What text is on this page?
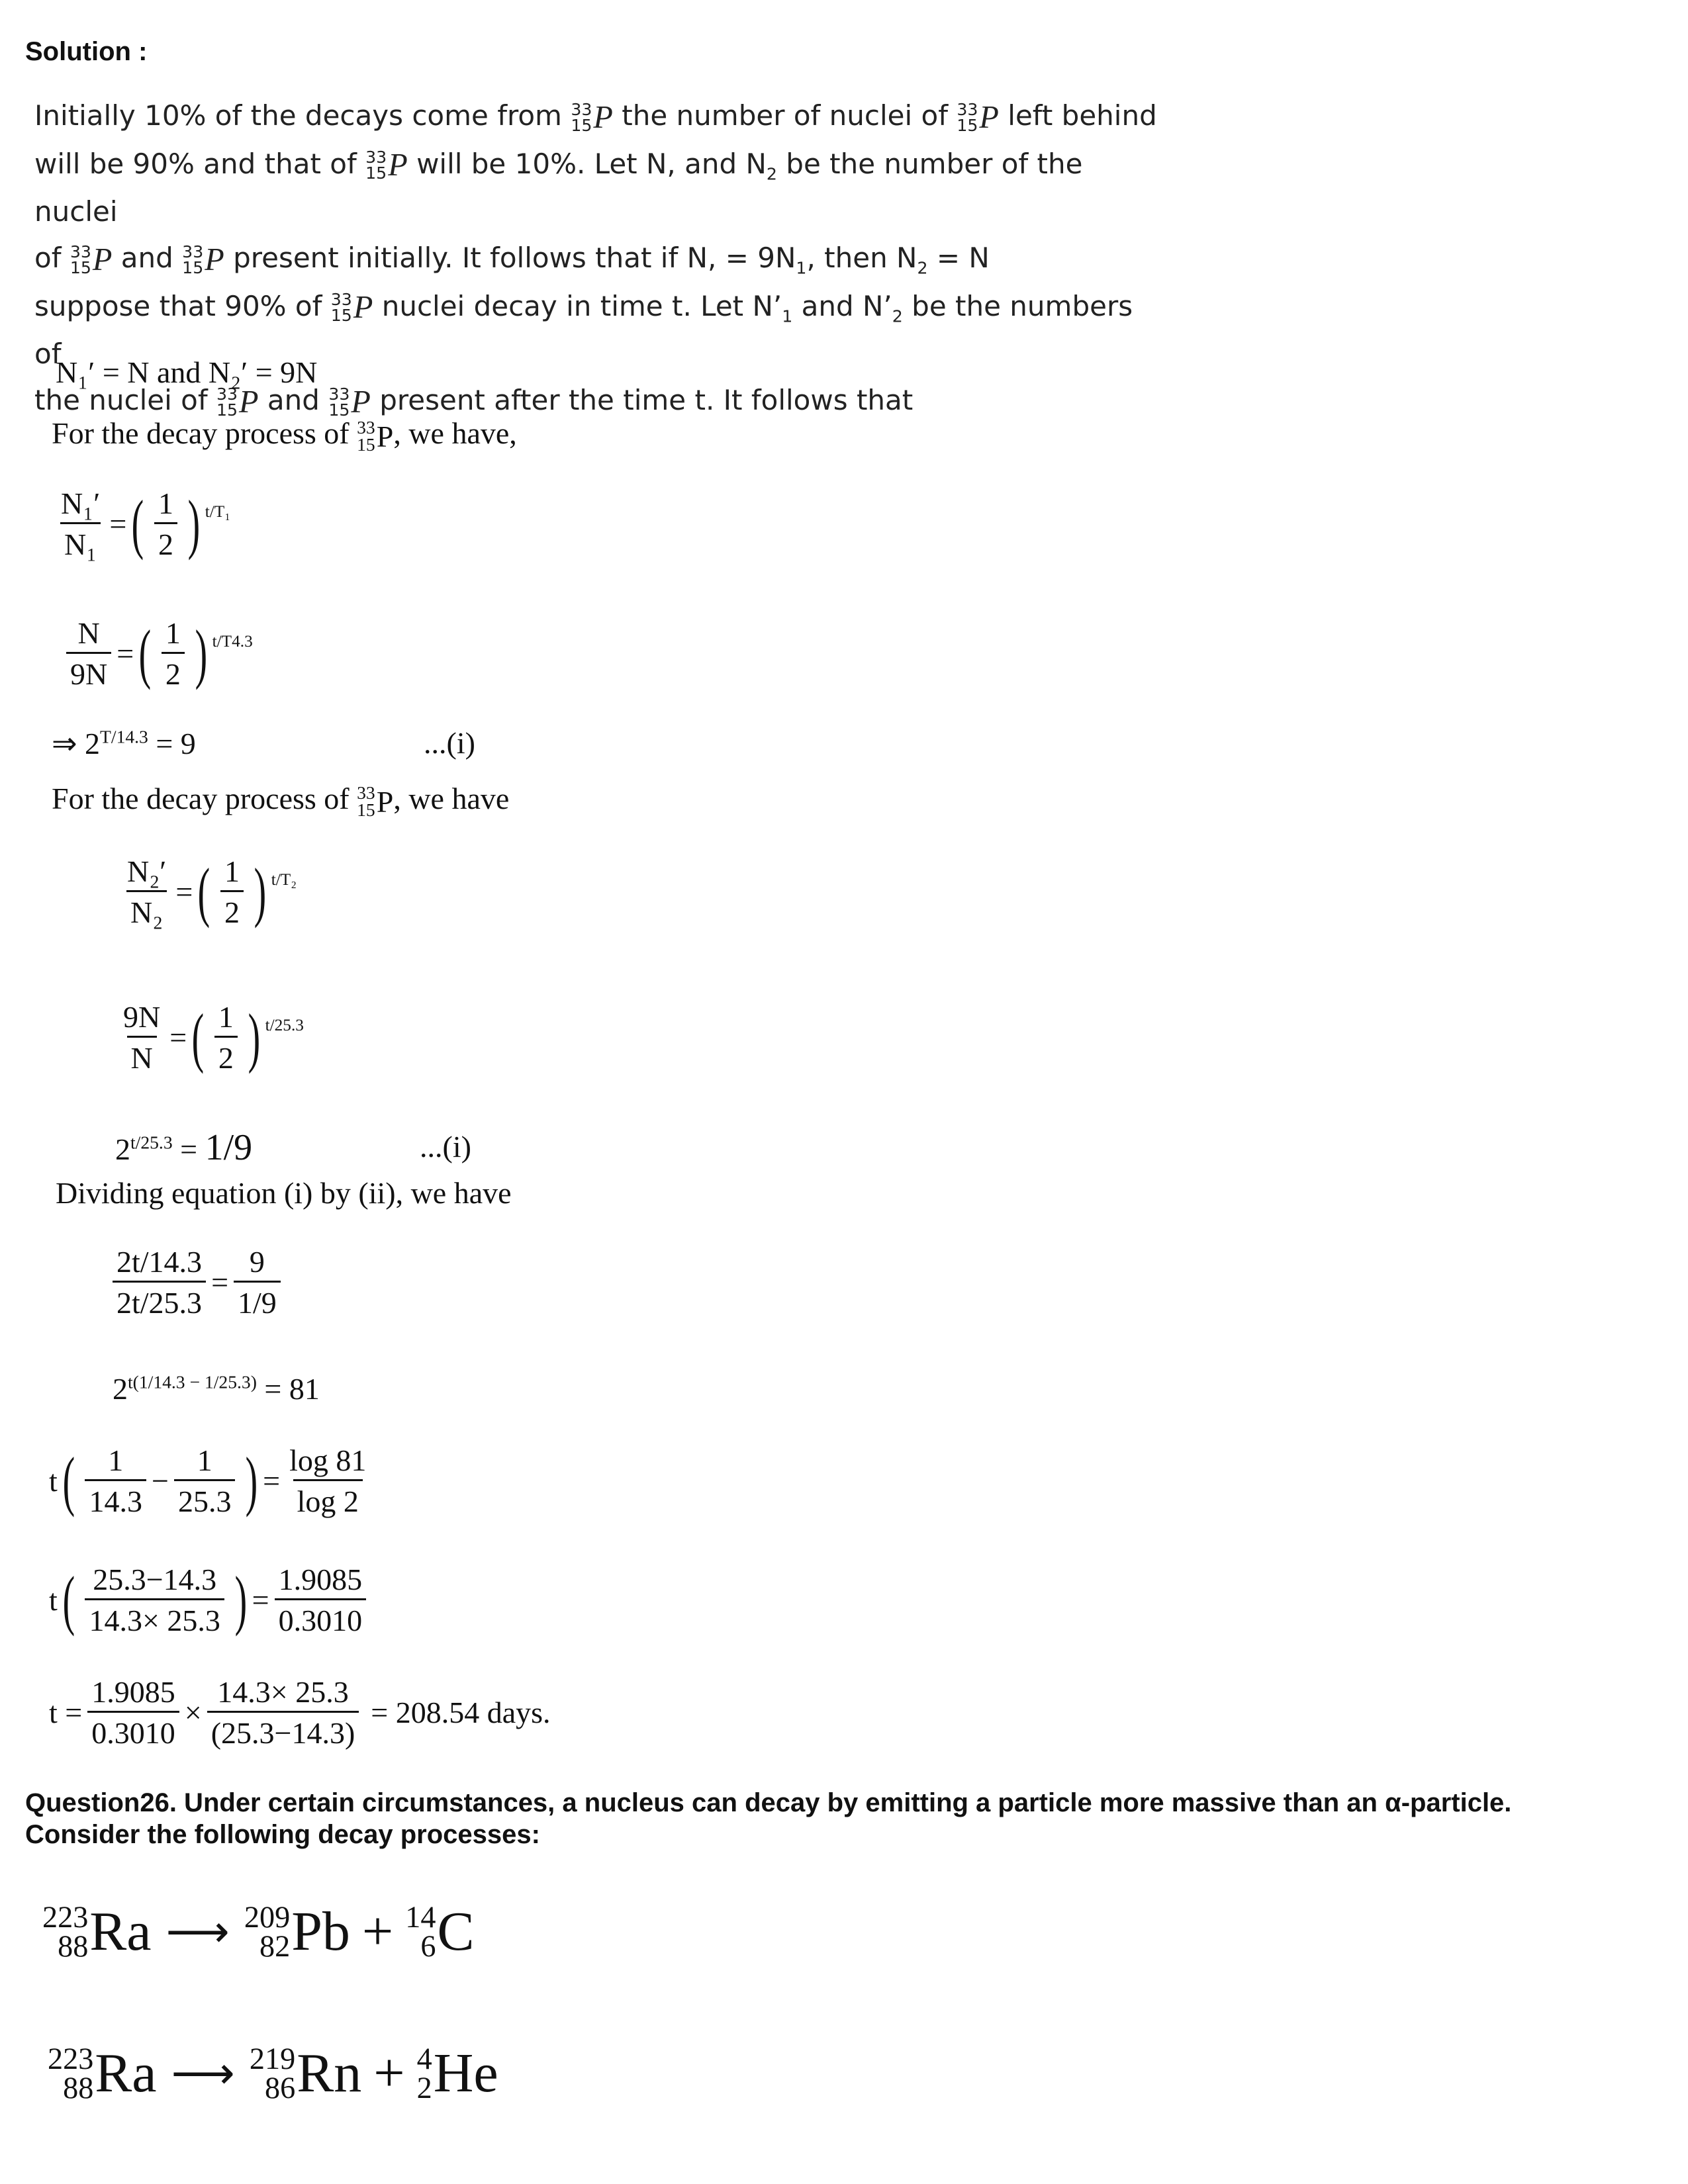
Solution :
Initially 10% of the decays come from 33
15 P the number of nuclei of 33
15 P left behind
will be 90% and that of 33
15 P will be 10%. Let N, and $N_2$ be the number of the nuclei
of 33
15 P and 33
15 P present initially. It follows that if N, = $9N_1$, then $N_2 = N$
suppose that 90% of 33
15 P nuclei decay in time t. Let $N’_1$ and $N’_2$ be the numbers of
the nuclei of 33
15 P and 33
15 P present after the time t. It follows that
N₁′ = N and N₂′ = 9N
For the decay process of 33
15 P , we have,
$\frac{\text{N₁′}}{\text{N₁}}$ = ( $\frac{1}{2}$ ) t/T₁
$\frac{N}{9N}$ = ( $\frac{1}{2}$ ) t/T4.3
⇒ $2^{T/14.3} = 9$	...(i)
For the decay process of 33
15 P , we have
$\frac{\text{N₂′}}{\text{N₂}}$ = ( $\frac{1}{2}$ ) t/T₂
$\frac{9N}{N}$ = ( $\frac{1}{2}$ ) t/25.3
$2^{t/25.3} = 1/9$	...(i)
Dividing equation (i) by (ii), we have
$\frac{2t/14.3}{2t/25.3} = \frac{9}{1/9}$
$2^{t(1/14.3 - 1/25.3)} = 81$
t ( $\frac{1}{14.3} - \frac{1}{25.3}$ ) = $\frac{\log 81}{\log 2}$
t ( $\frac{25.3-14.3}{14.3\times 25.3}$ ) = $\frac{1.9085}{0.3010}$
$t = \frac{1.9085}{0.3010} \times \frac{14.3\times 25.3}{(25.3-14.3)} = 208.54$ days.
Question26. Under certain circumstances, a nucleus can decay by emitting a particle more massive than an α-particle.
Consider the following decay processes:
223
88 Ra ⟶ 209
82 Pb + 14
6 C
223
88 Ra ⟶ 219
86 Rn + 4
2 He
